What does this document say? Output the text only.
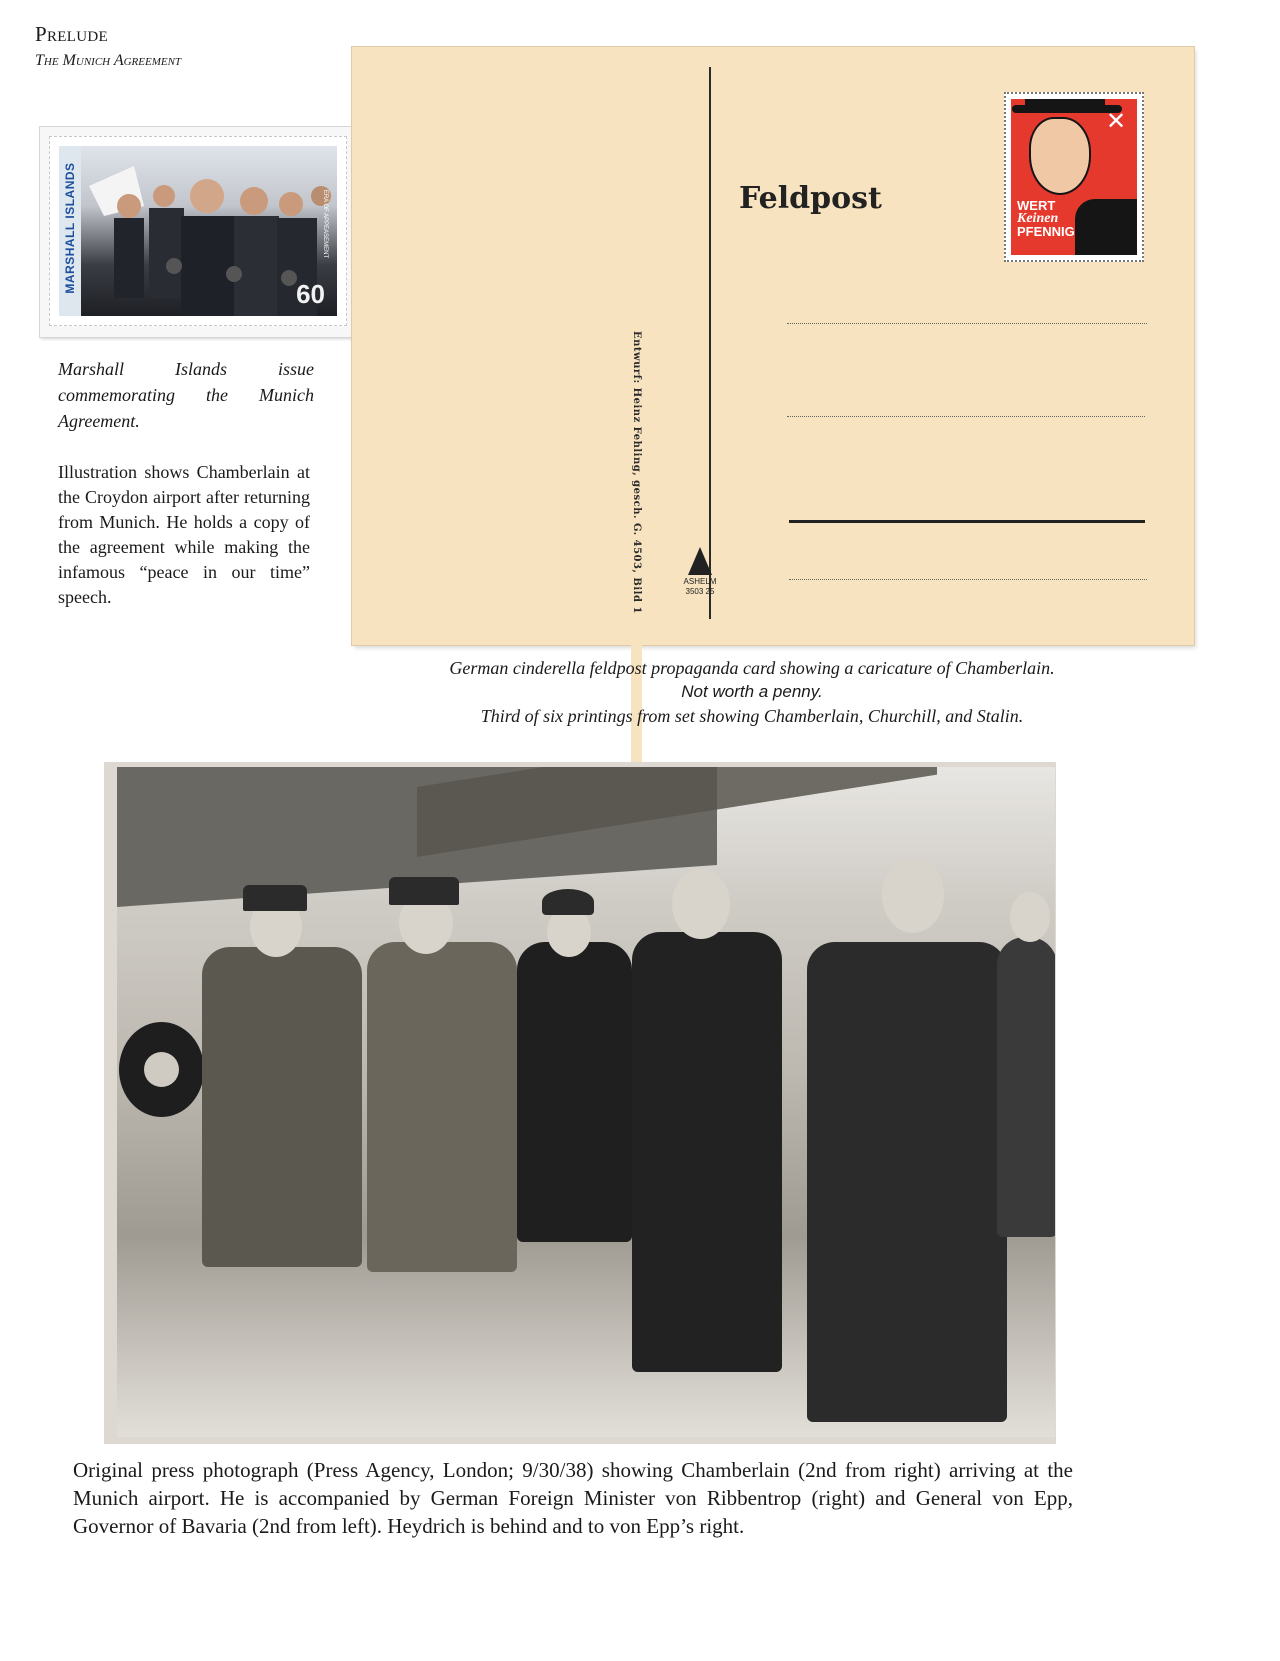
Prelude
The Munich Agreement
MARSHALL ISLANDS	ERA OF APPEASEMENT
60
Marshall Islands issue commemorating the Munich Agreement.
Illustration shows Chamberlain at the Croydon airport after returning from Munich. He holds a copy of the agreement while making the infamous “peace in our time” speech.	Entwurf: Heinz Fehling, gesch. G. 4503, Bild 1
Feldpost
ASHELM
3503 25
✕
WERT
Keinen
PFENNIG
German cinderella feldpost propaganda card showing a caricature of Chamberlain.
Not worth a penny.
Third of six printings from set showing Chamberlain, Churchill, and Stalin.
Original press photograph (Press Agency, London; 9/30/38) showing Chamberlain (2nd from right) arriving at the Munich airport. He is accompanied by German Foreign Minister von Ribbentrop (right) and General von Epp, Governor of Bavaria (2nd from left). Heydrich is behind and to von Epp’s right.
